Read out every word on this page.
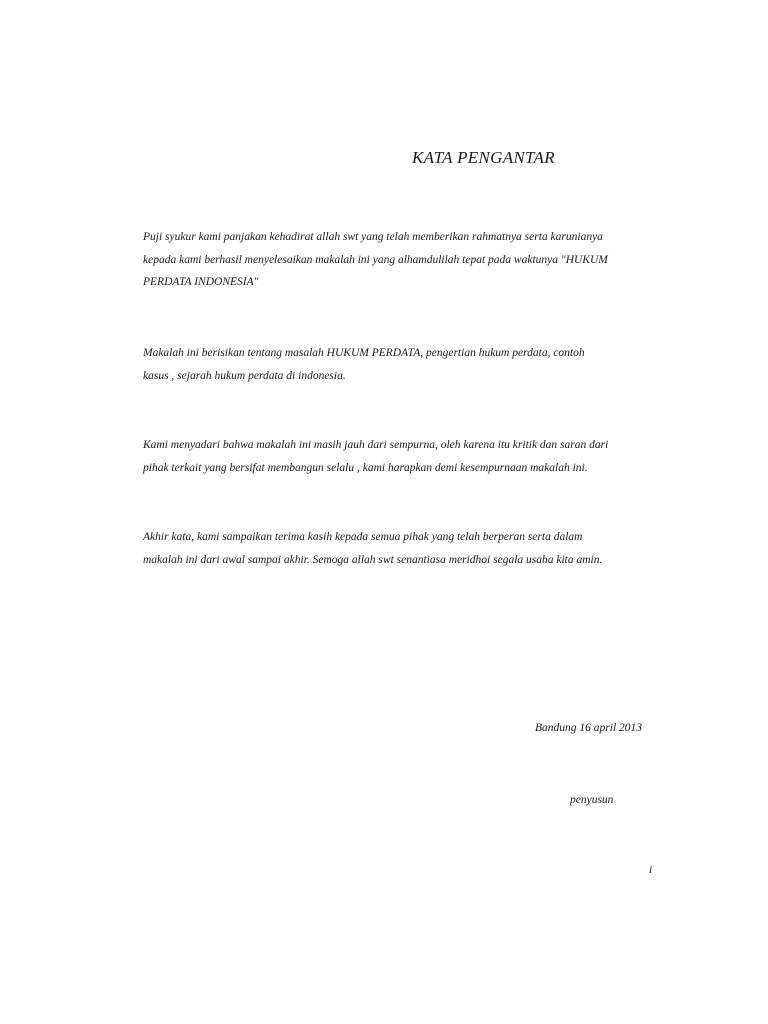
KATA PENGANTAR

Puji syukur kami panjakan kehadirat allah swt yang telah memberikan rahmatnya serta karunianya
kepada kami berhasil menyelesaikan makalah ini yang alhamdulilah tepat pada waktunya "HUKUM
PERDATA INDONESIA"

Makalah ini berisikan tentang masalah HUKUM PERDATA, pengertian hukum perdata, contoh
kasus , sejarah hukum perdata di indonesia.

Kami menyadari bahwa makalah ini masih jauh dari sempurna, oleh karena itu kritik dan saran dari
pihak terkait yang bersifat membangun selalu , kami harapkan demi kesempurnaan makalah ini.

Akhir kata, kami sampaikan terima kasih kepada semua pihak yang telah berperan serta dalam
makalah ini dari awal sampai akhir. Semoga allah swt senantiasa meridhoi segala usaha kita amin.

Bandung 16 april 2013
penyusun
i
